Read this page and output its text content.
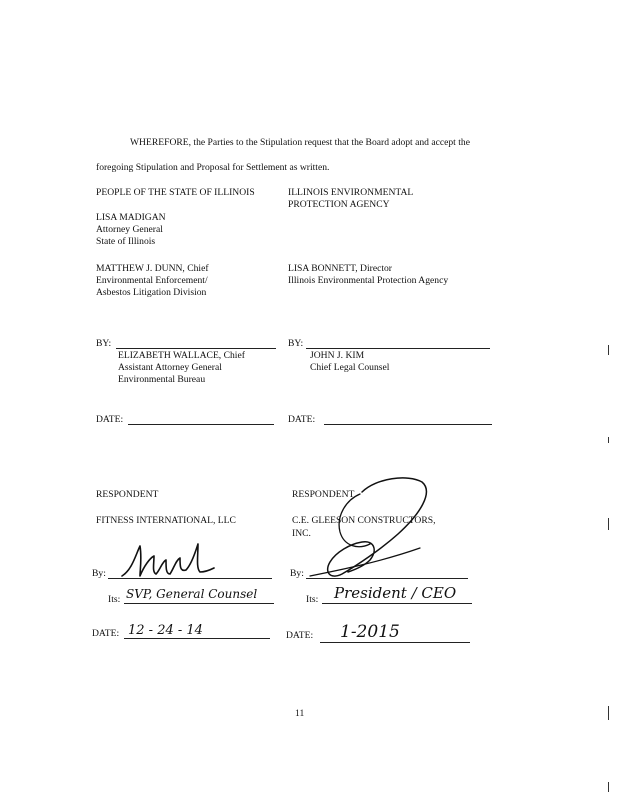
WHEREFORE, the Parties to the Stipulation request that the Board adopt and accept the
foregoing Stipulation and Proposal for Settlement as written.
PEOPLE OF THE STATE OF ILLINOIS
LISA MADIGAN
Attorney General
State of Illinois
MATTHEW J. DUNN, Chief
Environmental Enforcement/
Asbestos Litigation Division
BY:
ELIZABETH WALLACE, Chief
Assistant Attorney General
Environmental Bureau
DATE:
ILLINOIS ENVIRONMENTAL
PROTECTION AGENCY
LISA BONNETT, Director
Illinois Environmental Protection Agency
BY:
JOHN J. KIM
Chief Legal Counsel
DATE:
RESPONDENT
FITNESS INTERNATIONAL, LLC
By:
Its: SVP, General Counsel
DATE: 12 - 24 - 14
RESPONDENT
C.E. GLEESON CONSTRUCTORS,
INC.
By:
Its: President / CEO
DATE: 1-2015
11
